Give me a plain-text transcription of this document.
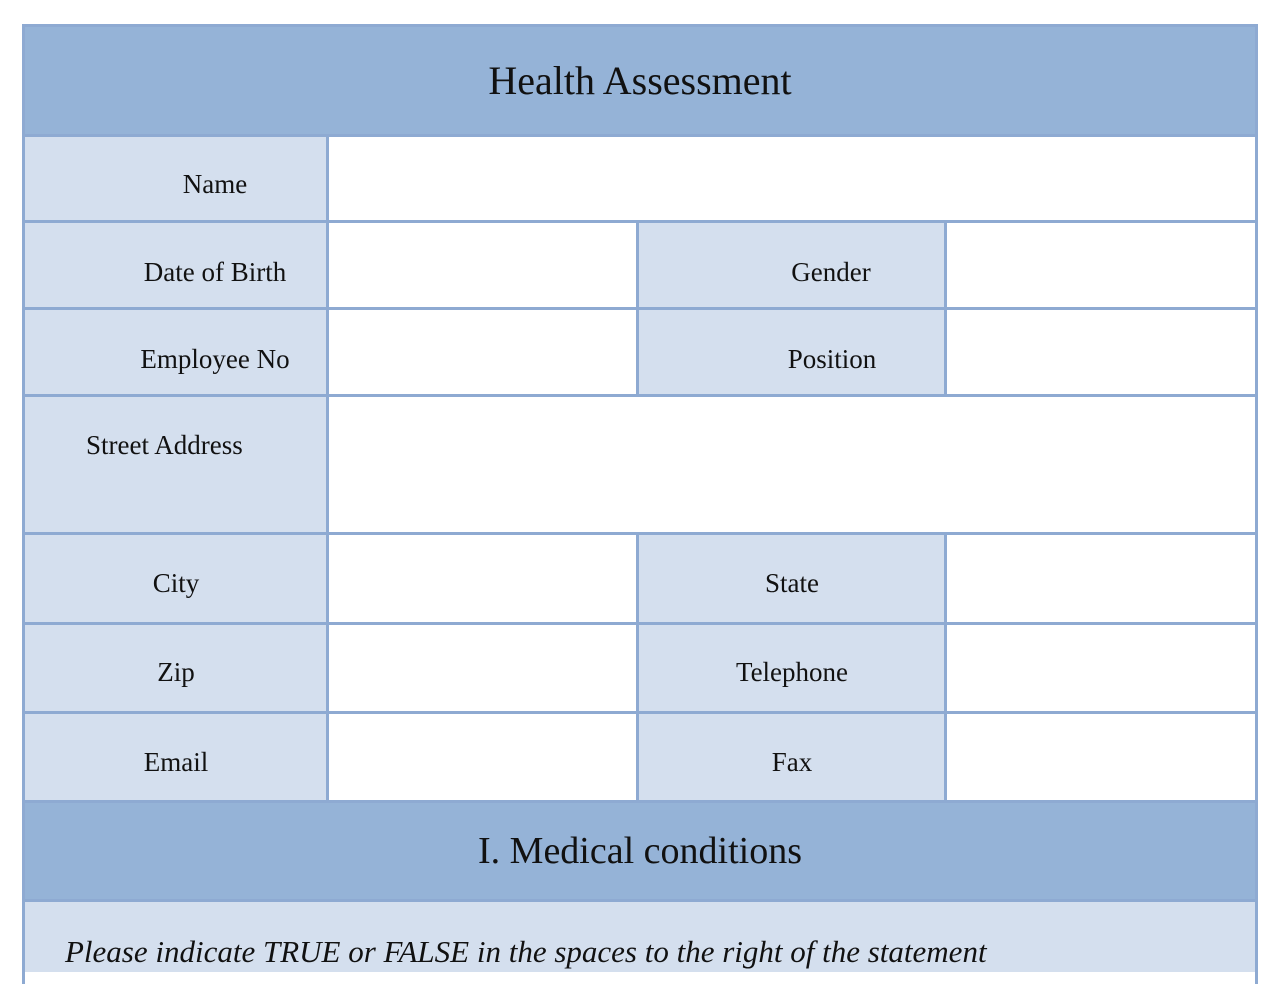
Health Assessment
Name
Date of Birth	Gender
Employee No	Position
Street Address
City	State
Zip	Telephone
Email	Fax
I. Medical conditions
Please indicate TRUE or FALSE in the spaces to the right of the statement
